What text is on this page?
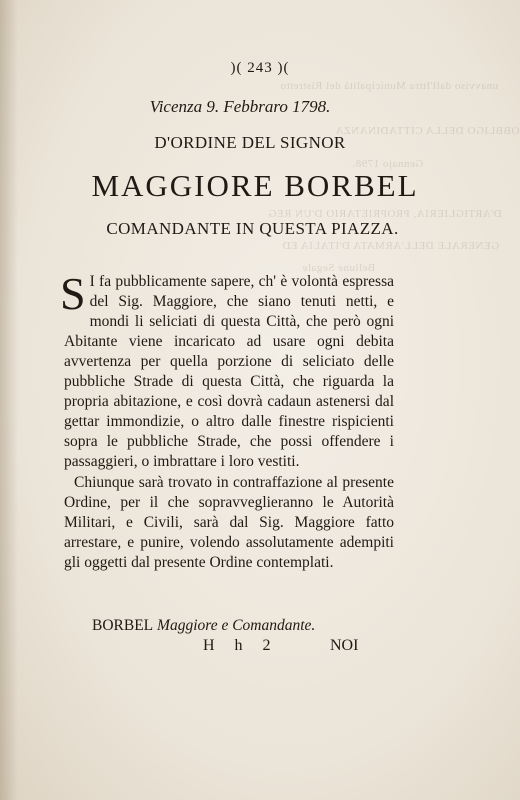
unavviso dall'Ittra Municipalità del Ristretto
OBBLIGO DELLA CITTADINANZA
Gennajo 1798.
D'ARTIGLIERIA, PROPRIETARIO D'UN REG
GENERALE DELL'ARMATA D'ITALIA ED
Bellune Segale
)( 243 )(
Vicenza 9. Febbraro 1798.
D'ORDINE DEL SIGNOR
MAGGIORE BORBEL
COMANDANTE IN QUESTA PIAZZA.

S I fa pubblicamente sapere, ch' è volontà espressa del Sig. Maggiore, che siano tenuti netti, e mondi li seliciati di questa Città, che però ogni Abitante viene incaricato ad usare ogni debita avvertenza per quella porzione di seliciato delle pubbliche Strade di questa Città, che riguarda la propria abitazione, e così dovrà cadaun astenersi dal gettar immondizie, o altro dalle finestre rispicienti sopra le pubbliche Strade, che possi offendere i passaggieri, o imbrattare i loro vestiti.

Chiunque sarà trovato in contraffazione al presente Ordine, per il che sopravveglieranno le Autorità Militari, e Civili, sarà dal Sig. Maggiore fatto arrestare, e punire, volendo assolutamente adempiti gli oggetti dal presente Ordine contemplati.

BORBEL Maggiore e Comandante.
H h 2	NOI
